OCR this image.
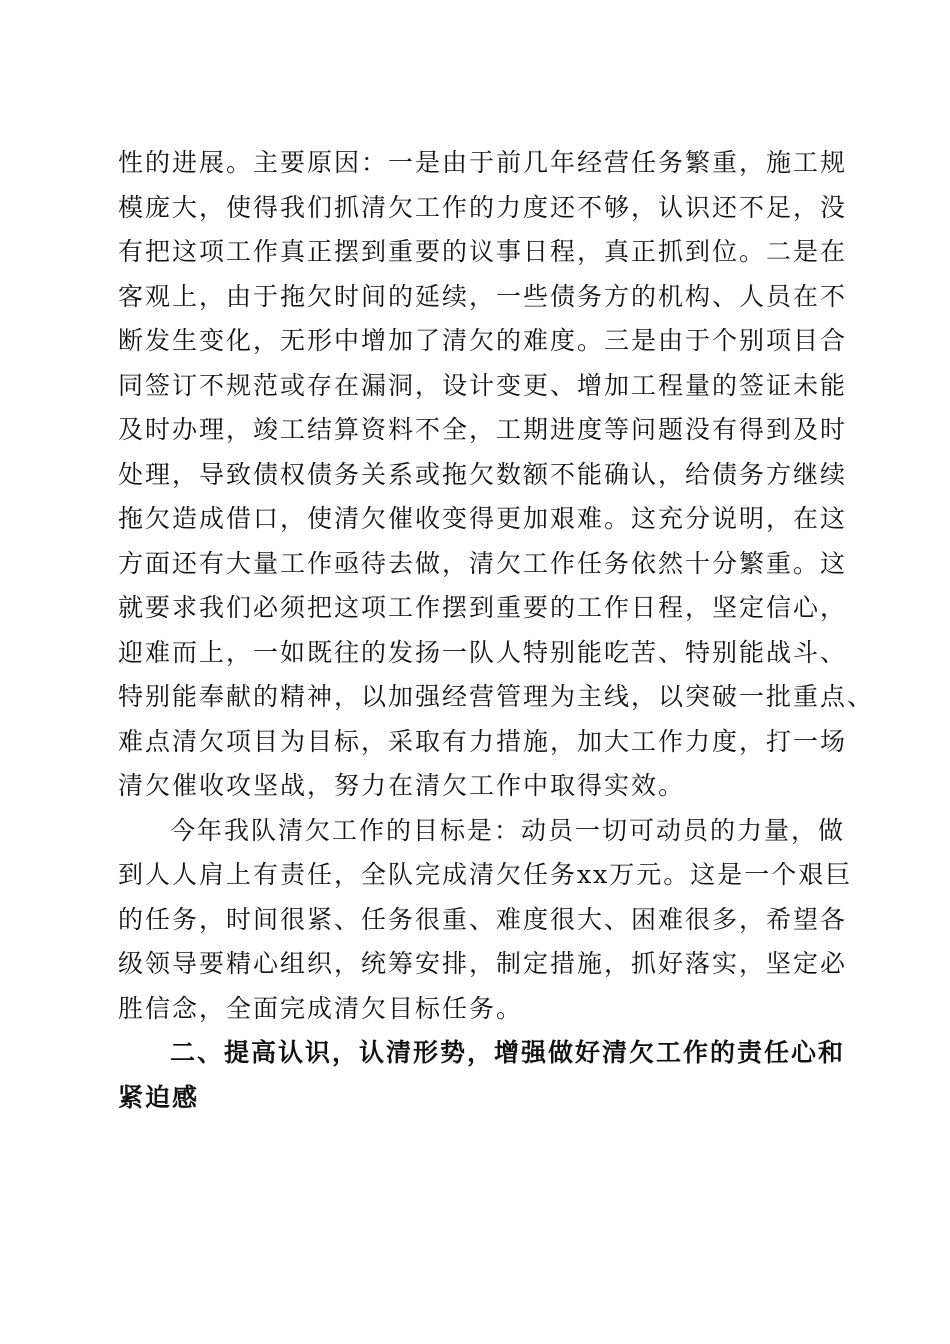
性的进展。主要原因：一是由于前几年经营任务繁重，施工规
模庞大，使得我们抓清欠工作的力度还不够，认识还不足，没
有把这项工作真正摆到重要的议事日程，真正抓到位。二是在
客观上，由于拖欠时间的延续，一些债务方的机构、人员在不
断发生变化，无形中增加了清欠的难度。三是由于个别项目合
同签订不规范或存在漏洞，设计变更、增加工程量的签证未能
及时办理，竣工结算资料不全，工期进度等问题没有得到及时
处理，导致债权债务关系或拖欠数额不能确认，给债务方继续
拖欠造成借口，使清欠催收变得更加艰难。这充分说明，在这
方面还有大量工作亟待去做，清欠工作任务依然十分繁重。这
就要求我们必须把这项工作摆到重要的工作日程，坚定信心，
迎难而上，一如既往的发扬一队人特别能吃苦、特别能战斗、
特别能奉献的精神，以加强经营管理为主线，以突破一批重点、
难点清欠项目为目标，采取有力措施，加大工作力度，打一场
清欠催收攻坚战，努力在清欠工作中取得实效。
今年我队清欠工作的目标是：动员一切可动员的力量，做
到人人肩上有责任，全队完成清欠任务xx万元。这是一个艰巨
的任务，时间很紧、任务很重、难度很大、困难很多，希望各
级领导要精心组织，统筹安排，制定措施，抓好落实，坚定必
胜信念，全面完成清欠目标任务。
二、提高认识，认清形势，增强做好清欠工作的责任心和
紧迫感
